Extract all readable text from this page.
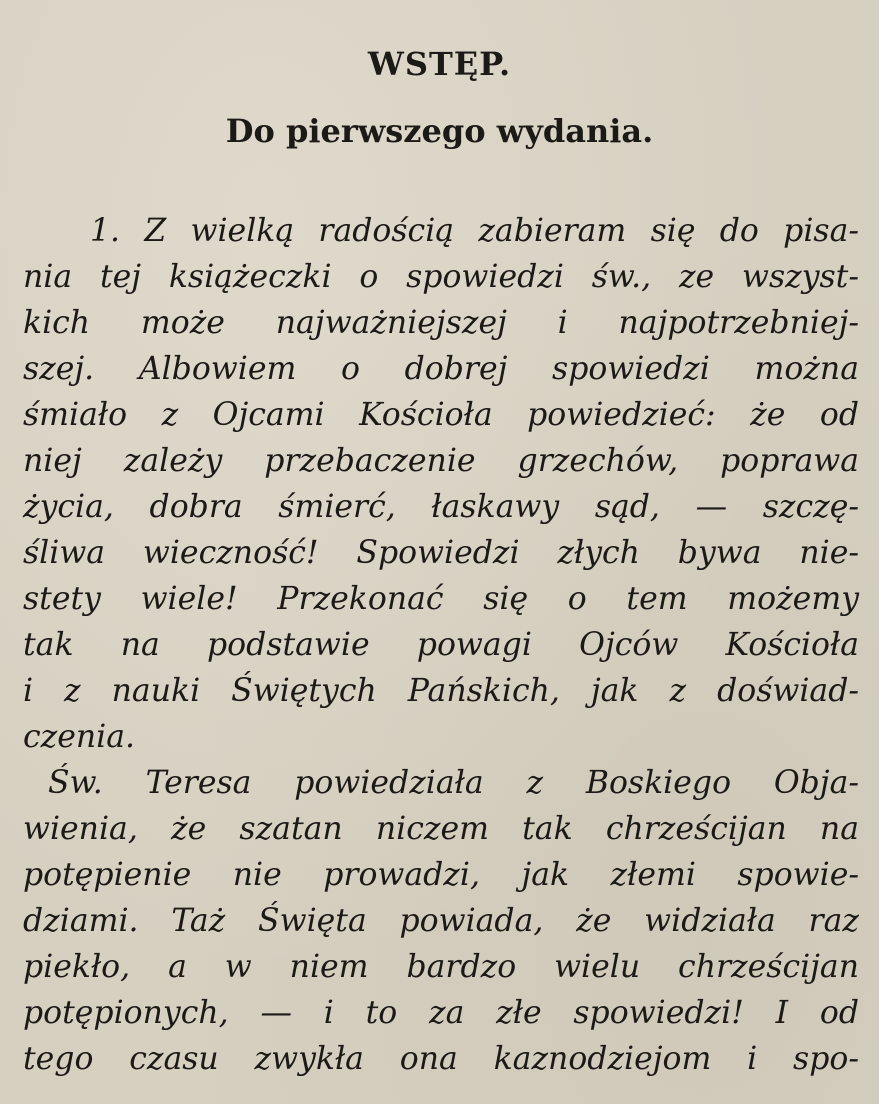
WSTĘP.
Do pierwszego wydania.

1. Z wielką radością zabieram się do pisa-

nia tej książeczki o spowiedzi św., ze wszyst-

kich może najważniejszej i najpotrzebniej-

szej. Albowiem o dobrej spowiedzi można

śmiało z Ojcami Kościoła powiedzieć: że od

niej zależy przebaczenie grzechów, poprawa

życia, dobra śmierć, łaskawy sąd, — szczę-

śliwa wieczność! Spowiedzi złych bywa nie-

stety wiele! Przekonać się o tem możemy

tak na podstawie powagi Ojców Kościoła

i z nauki Świętych Pańskich, jak z doświad-

czenia.

Św. Teresa powiedziała z Boskiego Obja-

wienia, że szatan niczem tak chrześcijan na

potępienie nie prowadzi, jak złemi spowie-

dziami. Taż Święta powiada, że widziała raz

piekło, a w niem bardzo wielu chrześcijan

potępionych, — i to za złe spowiedzi! I od

tego czasu zwykła ona kaznodziejom i spo-
